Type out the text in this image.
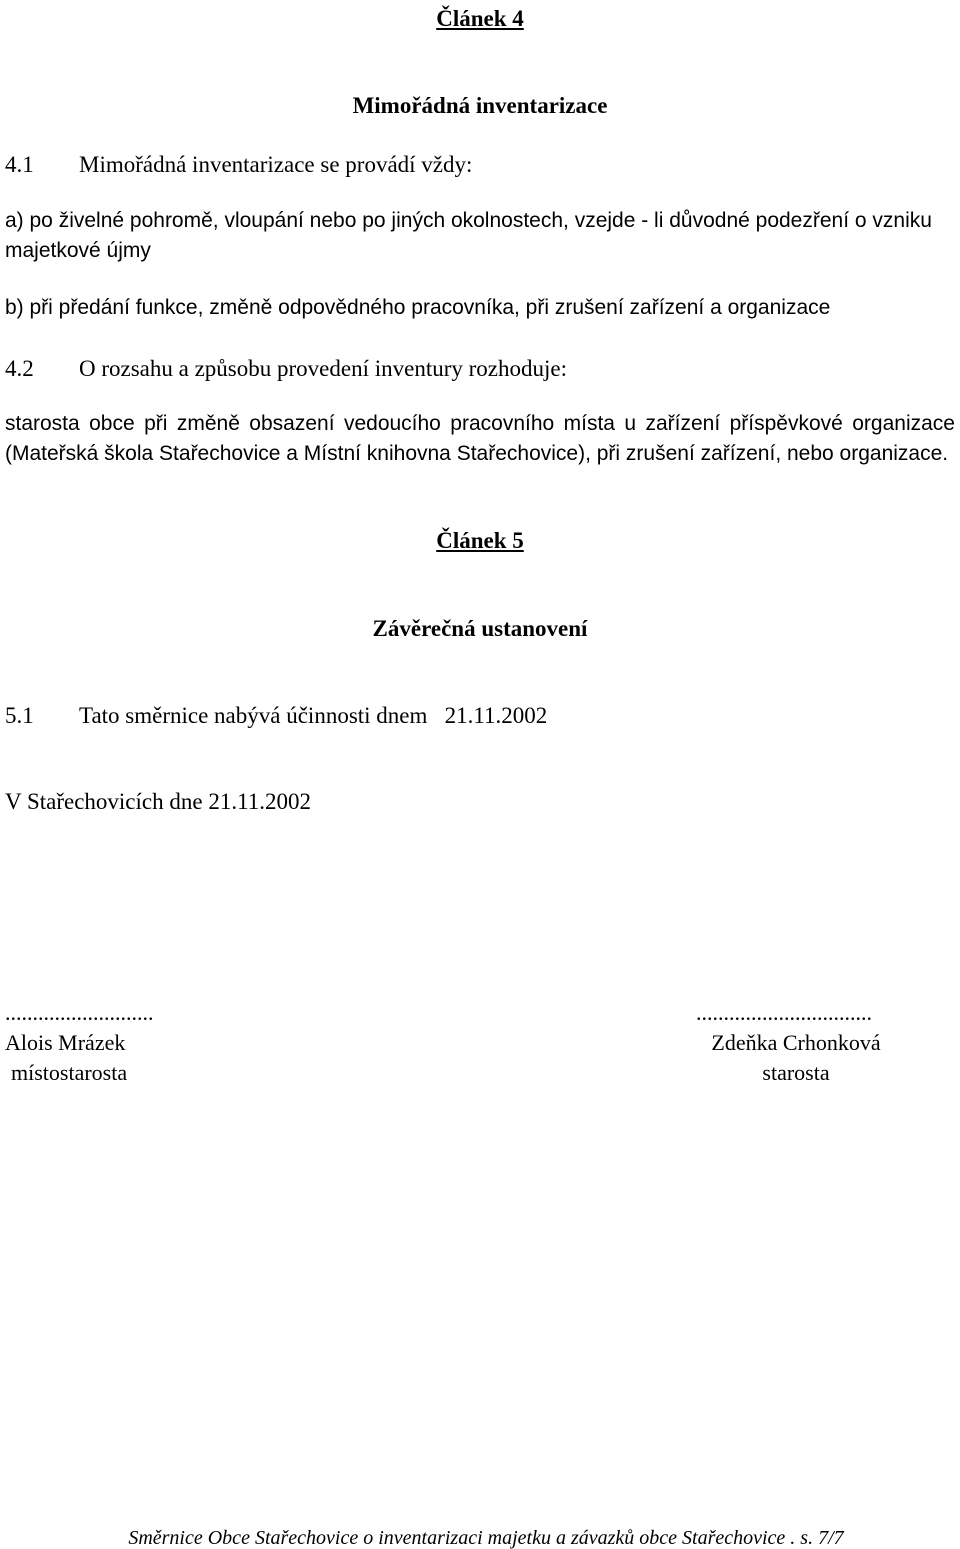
Článek 4
Mimořádná inventarizace
4.1 Mimořádná inventarizace se provádí vždy:
a) po živelné pohromě, vloupání nebo po jiných okolnostech, vzejde - li důvodné podezření o vzniku majetkové újmy
b) při předání funkce, změně odpovědného pracovníka, při zrušení zařízení a organizace
4.2 O rozsahu a způsobu provedení inventury rozhoduje:
starosta obce při změně obsazení vedoucího pracovního místa u zařízení příspěvkové organizace (Mateřská škola Stařechovice a Místní knihovna Stařechovice), při zrušení zařízení, nebo organizace.
Článek 5
Závěrečná ustanovení
5.1 Tato směrnice nabývá účinnosti dnem   21.11.2002
V Stařechovicích dne 21.11.2002
...........................
Alois Mrázek
místostarosta
................................
Zdeňka Crhonková
starosta
Směrnice Obce Stařechovice o inventarizaci majetku a závazků obce Stařechovice . s. 7/7
